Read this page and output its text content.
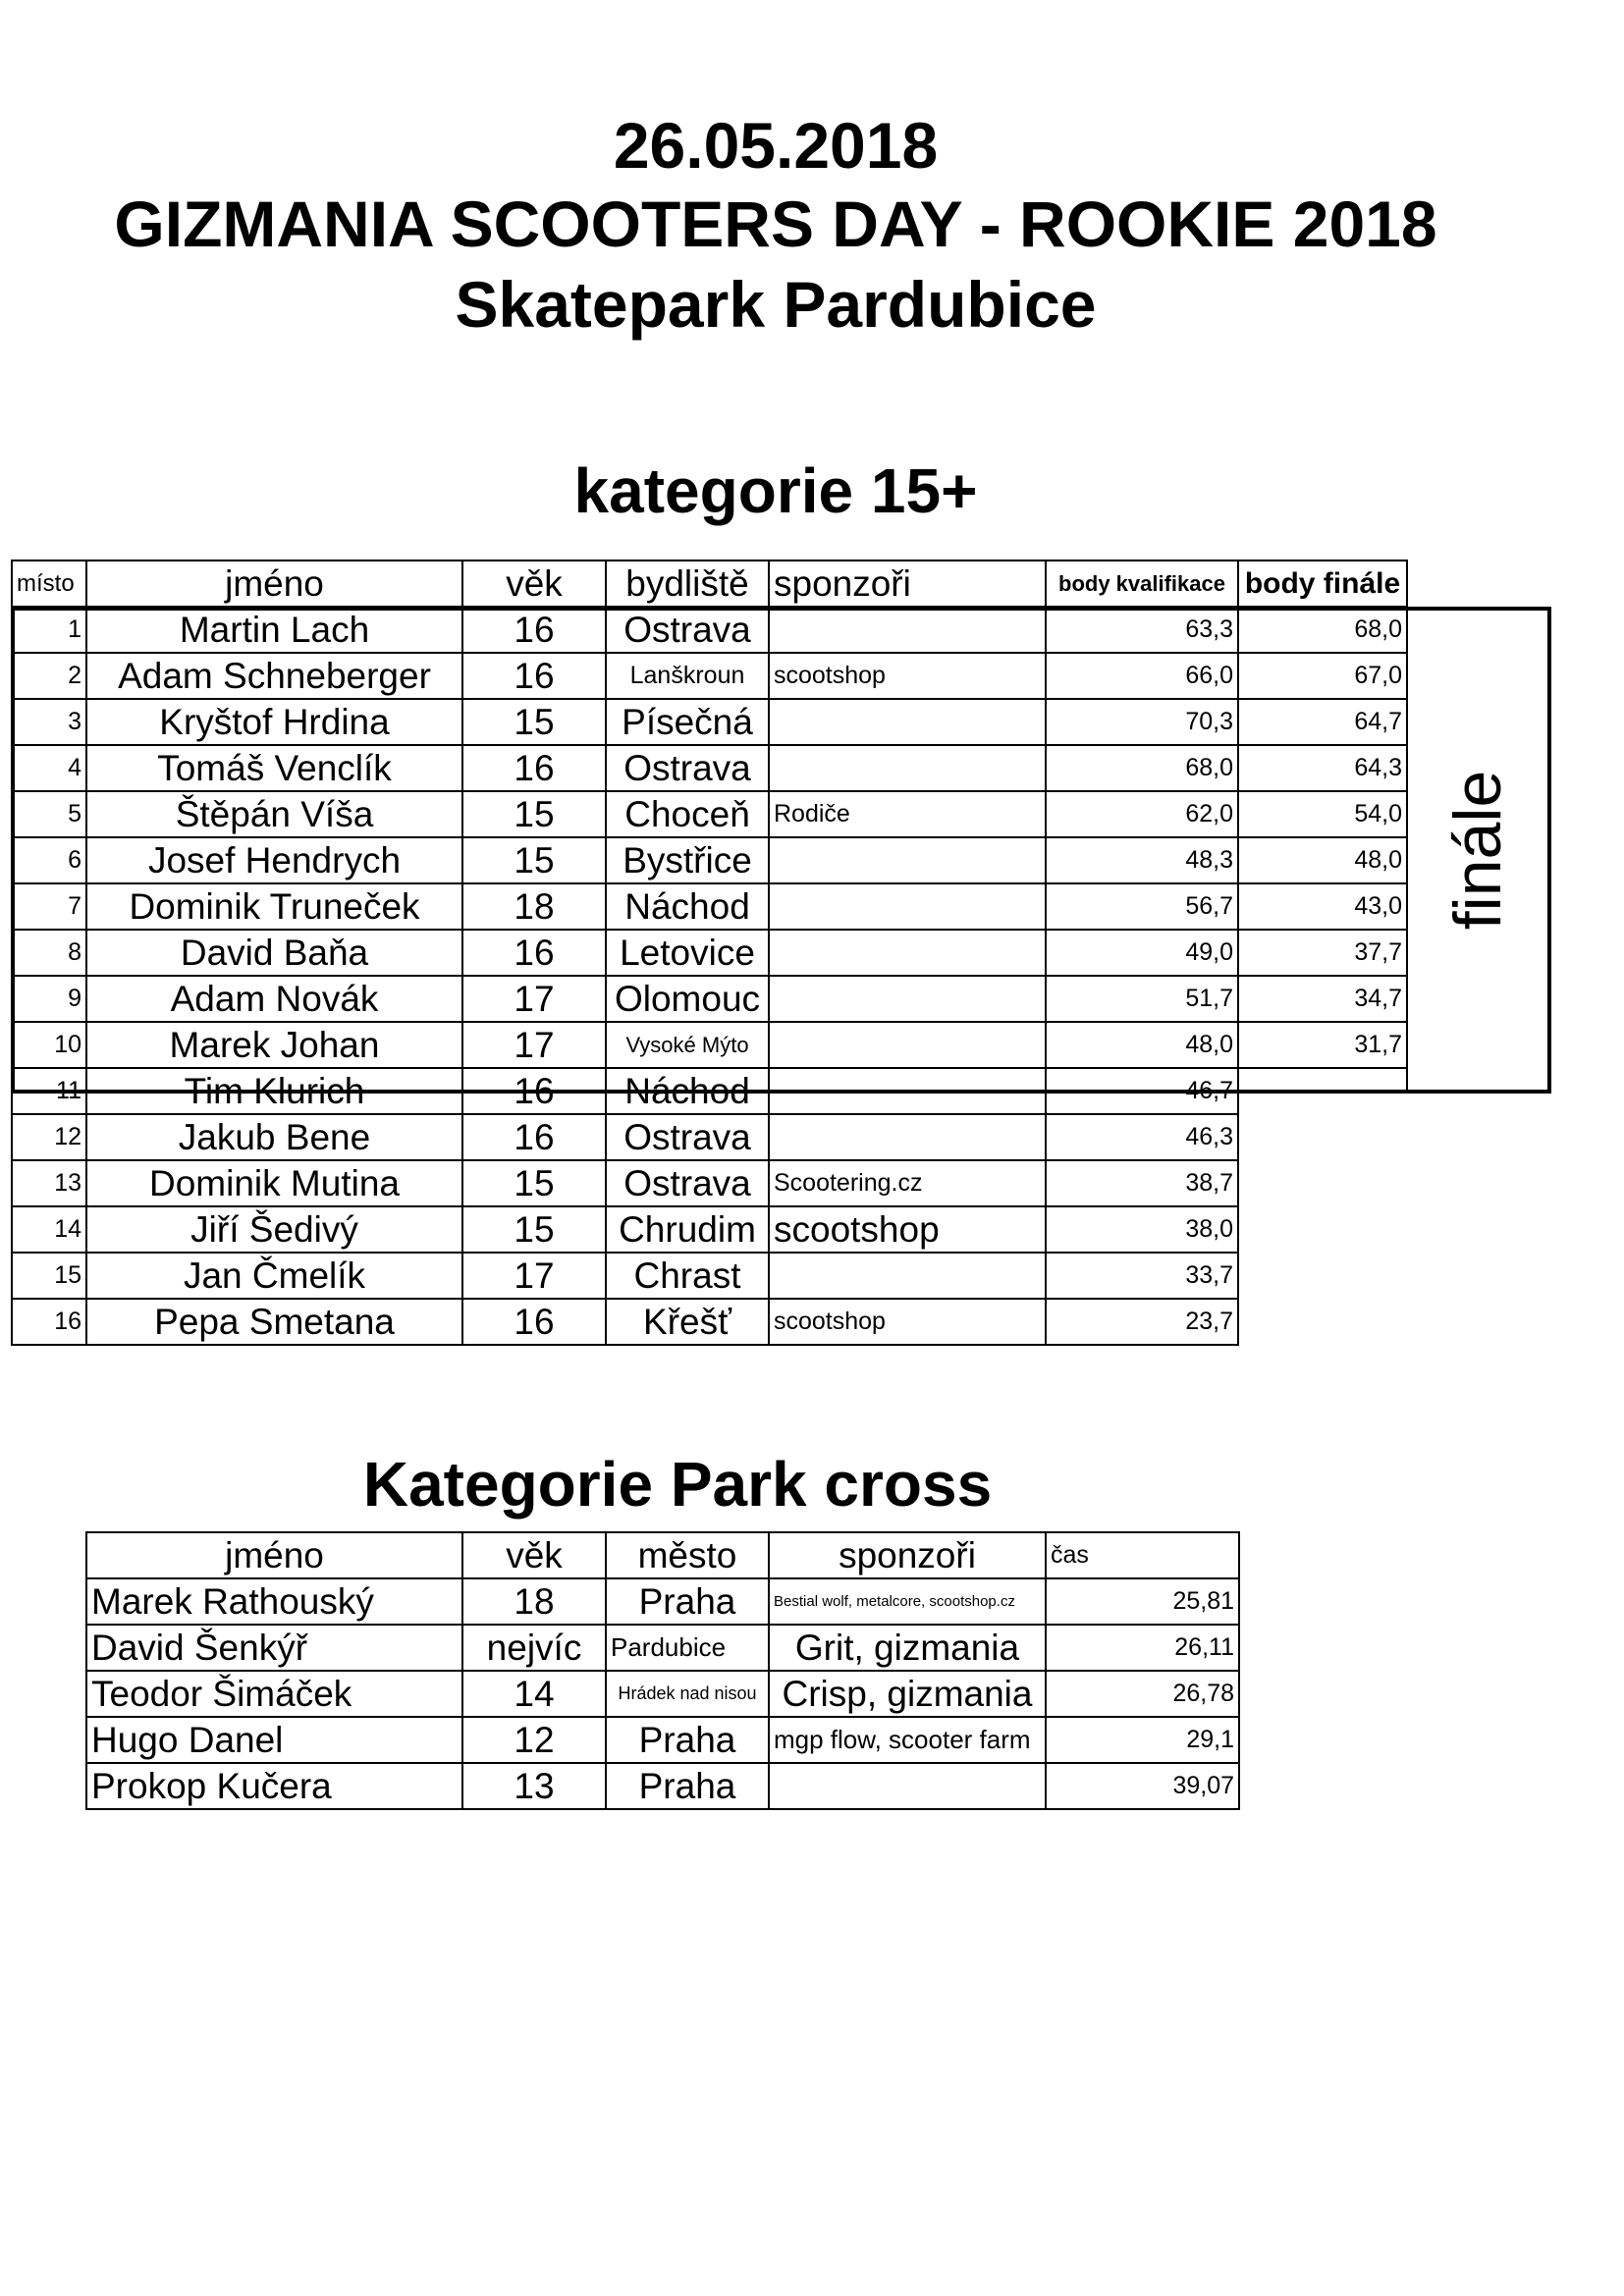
26.05.2018
GIZMANIA SCOOTERS DAY - ROOKIE 2018
Skatepark Pardubice
kategorie 15+
místo	jméno	věk	bydliště	sponzoři	body kvalifikace	body finále
1	Martin Lach	16	Ostrava		63,3	68,0
2	Adam Schneberger	16	Lanškroun	scootshop	66,0	67,0
3	Kryštof Hrdina	15	Písečná		70,3	64,7
4	Tomáš Venclík	16	Ostrava		68,0	64,3
5	Štěpán Víša	15	Choceň	Rodiče	62,0	54,0
6	Josef Hendrych	15	Bystřice		48,3	48,0
7	Dominik Truneček	18	Náchod		56,7	43,0
8	David Baňa	16	Letovice		49,0	37,7
9	Adam Novák	17	Olomouc		51,7	34,7
10	Marek Johan	17	Vysoké Mýto		48,0	31,7
11	Tim Klurich	16	Náchod		46,7	
12	Jakub Bene	16	Ostrava		46,3	
13	Dominik Mutina	15	Ostrava	Scootering.cz	38,7	
14	Jiří Šedivý	15	Chrudim	scootshop	38,0	
15	Jan Čmelík	17	Chrast		33,7	
16	Pepa Smetana	16	Křešť	scootshop	23,7	
finále
Kategorie Park cross
jméno	věk	město	sponzoři	čas
Marek Rathouský	18	Praha	Bestial wolf, metalcore, scootshop.cz	25,81
David Šenkýř	nejvíc	Pardubice	Grit, gizmania	26,11
Teodor Šimáček	14	Hrádek nad nisou	Crisp, gizmania	26,78
Hugo Danel	12	Praha	mgp flow, scooter farm	29,1
Prokop Kučera	13	Praha		39,07
